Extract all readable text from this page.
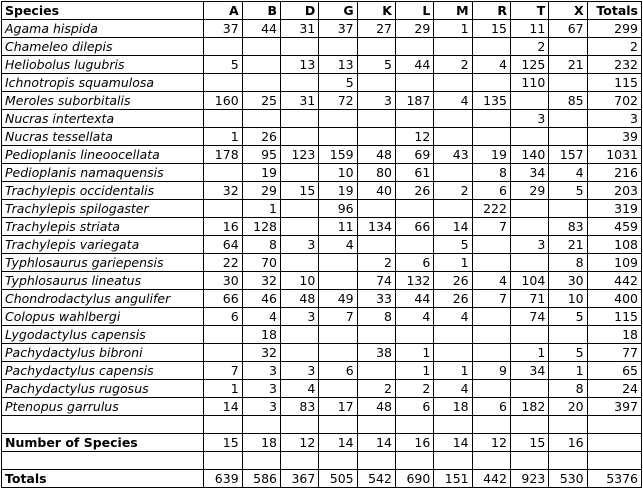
Species	A	B	D	G	K	L	M	R	T	X	Totals
Agama hispida	37	44	31	37	27	29	1	15	11	67	299
Chameleo dilepis									2		2
Heliobolus lugubris	5		13	13	5	44	2	4	125	21	232
Ichnotropis squamulosa				5					110		115
Meroles suborbitalis	160	25	31	72	3	187	4	135		85	702
Nucras intertexta									3		3
Nucras tessellata	1	26				12					39
Pedioplanis lineoocellata	178	95	123	159	48	69	43	19	140	157	1031
Pedioplanis namaquensis		19		10	80	61		8	34	4	216
Trachylepis occidentalis	32	29	15	19	40	26	2	6	29	5	203
Trachylepis spilogaster		1		96				222			319
Trachylepis striata	16	128		11	134	66	14	7		83	459
Trachylepis variegata	64	8	3	4			5		3	21	108
Typhlosaurus gariepensis	22	70			2	6	1			8	109
Typhlosaurus lineatus	30	32	10		74	132	26	4	104	30	442
Chondrodactylus angulifer	66	46	48	49	33	44	26	7	71	10	400
Colopus wahlbergi	6	4	3	7	8	4	4		74	5	115
Lygodactylus capensis		18									18
Pachydactylus bibroni		32			38	1			1	5	77
Pachydactylus capensis	7	3	3	6		1	1	9	34	1	65
Pachydactylus rugosus	1	3	4		2	2	4			8	24
Ptenopus garrulus	14	3	83	17	48	6	18	6	182	20	397

Number of Species	15	18	12	14	14	16	14	12	15	16	

Totals	639	586	367	505	542	690	151	442	923	530	5376
